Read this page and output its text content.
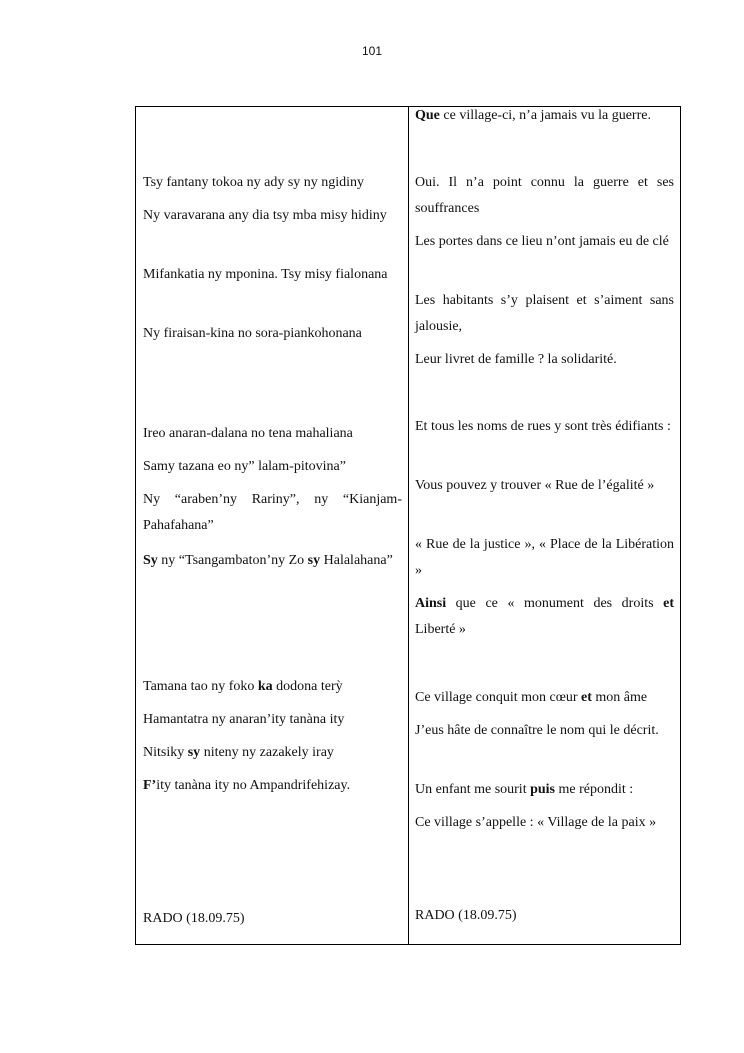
101
Tsy fantany tokoa ny ady sy ny ngidiny
Ny varavarana any dia tsy mba misy hidiny
Mifankatia ny mponina. Tsy misy fialonana
Ny firaisan-kina no sora-piankohonana
Ireo anaran-dalana no tena mahaliana
Samy tazana eo ny” lalam-pitovina”
Ny “araben’ny Rariny”, ny “Kianjam-Pahafahana”
Sy ny “Tsangambaton’ny Zo sy Halalahana”
Tamana tao ny foko ka dodona terỳ
Hamantatra ny anaran’ity tanàna ity
Nitsiky sy niteny ny zazakely iray
F’ity tanàna ity no Ampandrifehizay.
RADO (18.09.75)
Que ce village-ci, n’a jamais vu la guerre.
Oui. Il n’a point connu la guerre et ses souffrances
Les portes dans ce lieu n’ont jamais eu de clé
Les habitants s’y plaisent et s’aiment sans jalousie,
Leur livret de famille ? la solidarité.
Et tous les noms de rues y sont très édifiants :
Vous pouvez y trouver « Rue de l’égalité »
« Rue de la justice », « Place de la Libération »
Ainsi que ce « monument des droits et Liberté »
Ce village conquit mon cœur et mon âme
J’eus hâte de connaître le nom qui le décrit.
Un enfant me sourit puis me répondit :
Ce village s’appelle : « Village de la paix »
RADO (18.09.75)
